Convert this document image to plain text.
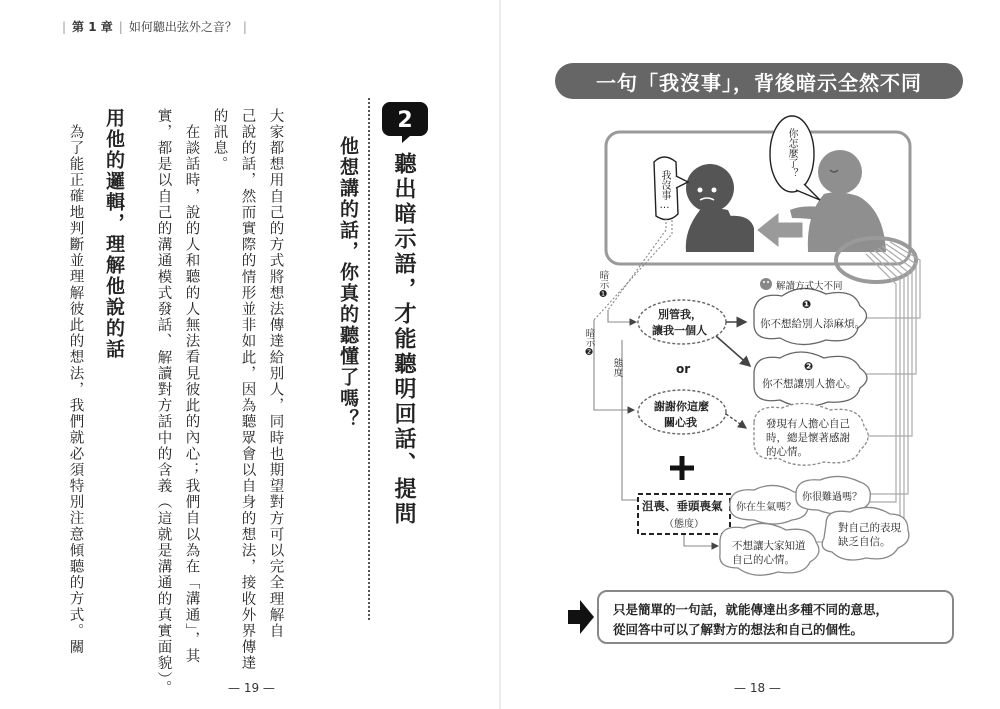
| 第 1 章 | 如何聽出弦外之音？ |
2
聽出暗示語，才能聽明回話、提問
他想講的話，你真的聽懂了嗎？
大家都想用自己的方式將想法傳達給別人，同時也期望對方可以完全理解自
己說的話，然而實際的情形並非如此，因為聽眾會以自身的想法，接收外界傳達
的訊息。
在談話時，說的人和聽的人無法看見彼此的內心；我們自以為在「溝通」，其
實，都是以自己的溝通模式發話、解讀對方話中的含義（這就是溝通的真實面貌）。
用他的邏輯，理解他說的話
為了能正確地判斷並理解彼此的想法，我們就必須特別注意傾聽的方式。關
— 19 —
一句「我沒事」，背後暗示全然不同
我沒事…
你怎麼了？
暗示❶
暗示❷
態度
解讀方式大不同
別管我，
讓我一個人
or
謝謝你這麼
關心我
沮喪、垂頭喪氣
（態度）
❶
你不想給別人添麻煩。
❷
你不想讓別人擔心。
發現有人擔心自己
時，總是懷著感謝
的心情。
你在生氣嗎？
你很難過嗎？
不想讓大家知道
自己的心情。
對自己的表現
缺乏自信。
只是簡單的一句話，就能傳達出多種不同的意思，
從回答中可以了解對方的想法和自己的個性。
— 18 —
